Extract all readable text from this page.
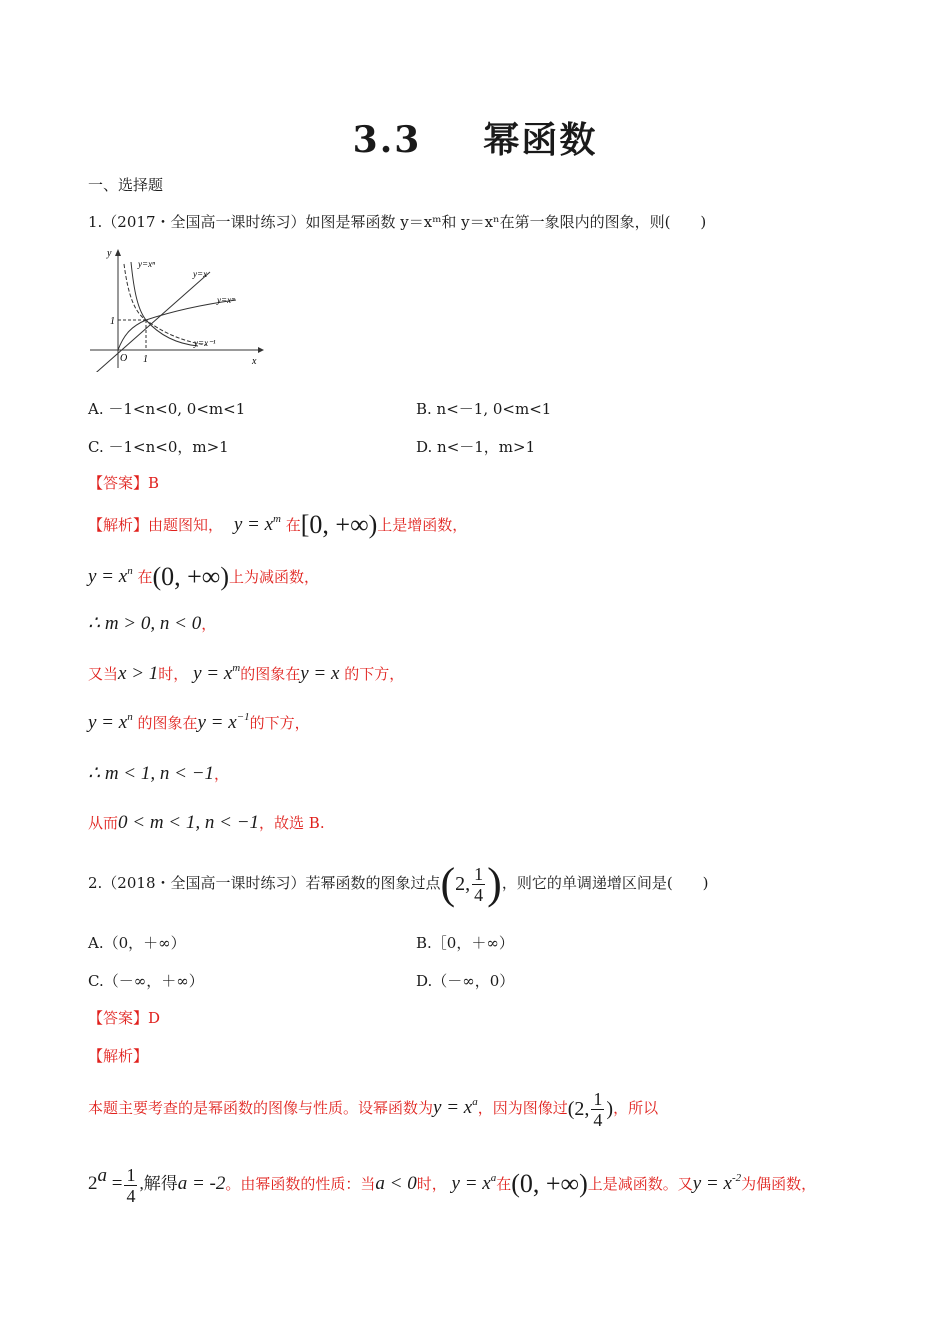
3.3 幂函数
一、选择题
1.（2017・全国高一课时练习）如图是幂函数 y＝xᵐ和 y＝xⁿ在第一象限内的图象，则(　　)
y
x
O 1
1
y=xⁿ
y=x
y=xᵐ
y=x⁻¹
A. －1<n<0, 0<m<1	B. n<－1, 0<m<1
C. －1<n<0，m>1	D. n<－1，m>1
【答案】B
【解析】由题图知， $y = x^m$ 在[0, +∞)上是增函数，
$y = x^n$ 在(0, +∞)上为减函数，
∴ m > 0, n < 0，
又当x > 1时， $y = x^m$的图象在y = x 的下方，
$y = x^n$ 的图象在$y = x^{-1}$的下方，
∴ m < 1, n < −1，
从而0 < m < 1, n < −1，故选 B.
2.（2018・全国高一课时练习）若幂函数的图象过点(2, $\frac{1}{4}$ )，则它的单调递增区间是(　　)
A.（0，＋∞）	B.［0，＋∞）
C.（－∞，＋∞）	D.（－∞，0）
【答案】D
【解析】
本题主要考查的是幂函数的图像与性质。设幂函数为$y = x^a$，因为图像过(2, $\frac{1}{4}$ )，所以
$2^a = \frac{1}{4}$ ,解得a = -2。由幂函数的性质：当a < 0时， $y = x^a$在(0, +∞)上是减函数。又$y = x^{-2}$为偶函数，
